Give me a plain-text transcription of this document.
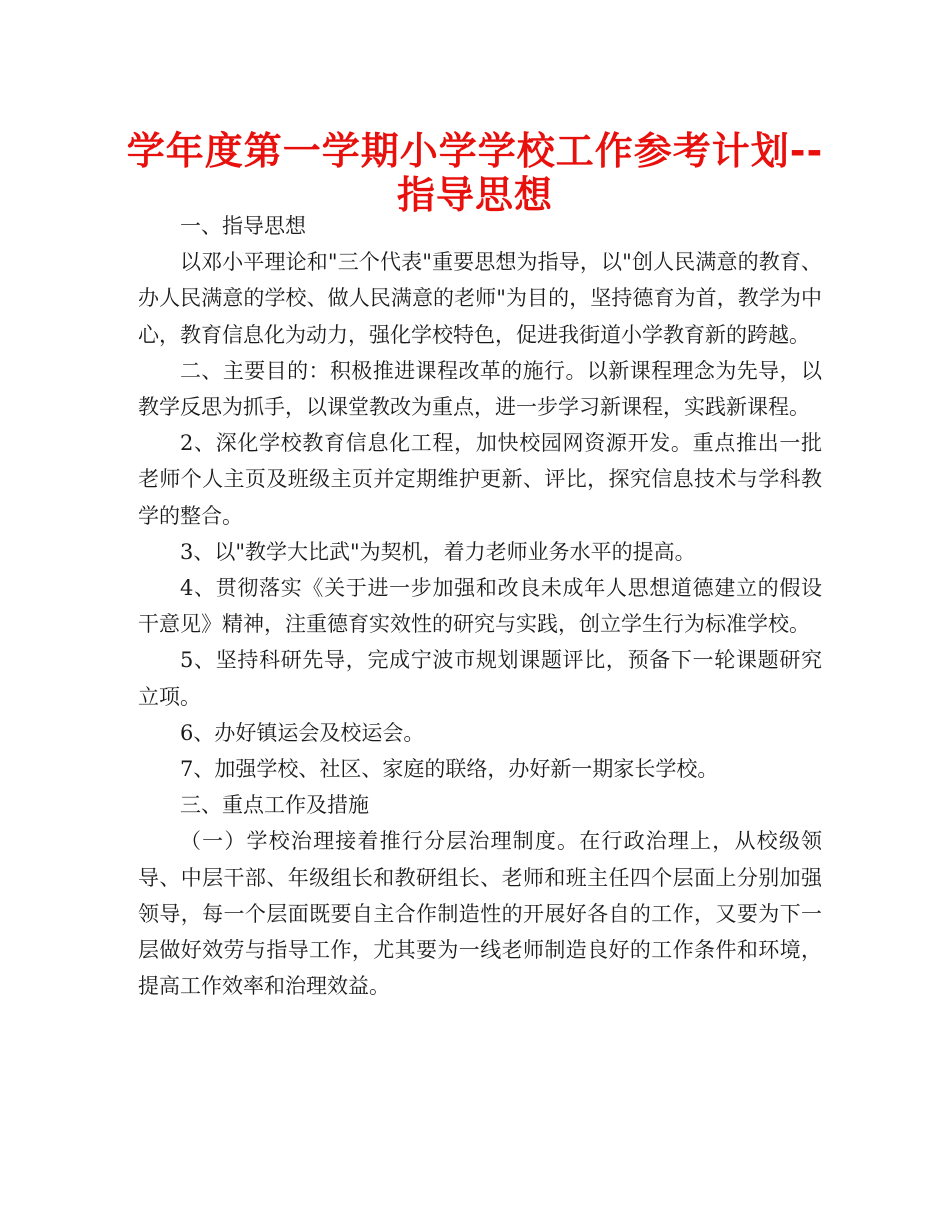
学年度第一学期小学学校工作参考计划--
指导思想

一、指导思想

以邓小平理论和"三个代表"重要思想为指导，以"创人民满意的教育、办人民满意的学校、做人民满意的老师"为目的，坚持德育为首，教学为中心，教育信息化为动力，强化学校特色，促进我街道小学教育新的跨越。

二、主要目的：积极推进课程改革的施行。以新课程理念为先导，以教学反思为抓手，以课堂教改为重点，进一步学习新课程，实践新课程。

2、深化学校教育信息化工程，加快校园网资源开发。重点推出一批老师个人主页及班级主页并定期维护更新、评比，探究信息技术与学科教学的整合。

3、以"教学大比武"为契机，着力老师业务水平的提高。

4、贯彻落实《关于进一步加强和改良未成年人思想道德建立的假设干意见》精神，注重德育实效性的研究与实践，创立学生行为标准学校。

5、坚持科研先导，完成宁波市规划课题评比，预备下一轮课题研究立项。

6、办好镇运会及校运会。

7、加强学校、社区、家庭的联络，办好新一期家长学校。

三、重点工作及措施

（一）学校治理接着推行分层治理制度。在行政治理上，从校级领导、中层干部、年级组长和教研组长、老师和班主任四个层面上分别加强领导，每一个层面既要自主合作制造性的开展好各自的工作，又要为下一层做好效劳与指导工作，尤其要为一线老师制造良好的工作条件和环境，提高工作效率和治理效益。
